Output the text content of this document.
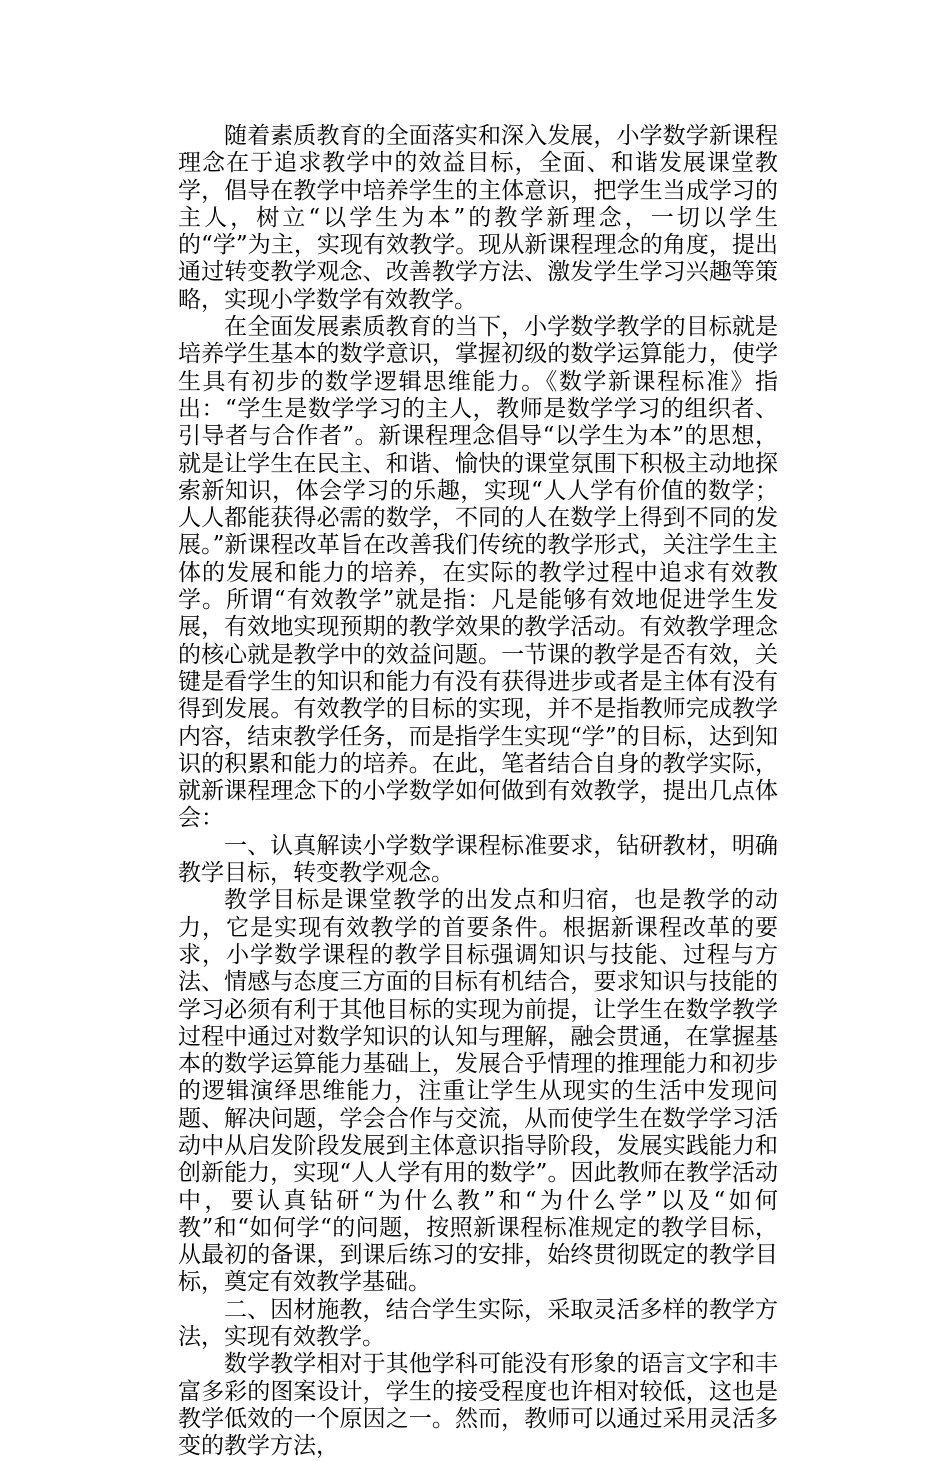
随着素质教育的全面落实和深入发展，小学数学新课程理念在于追求教学中的效益目标，全面、和谐发展课堂教学，倡导在教学中培养学生的主体意识，把学生当成学习的主人，树立“以学生为本”的教学新理念，一切以学生的“学”为主，实现有效教学。现从新课程理念的角度，提出通过转变教学观念、改善教学方法、激发学生学习兴趣等策略，实现小学数学有效教学。

在全面发展素质教育的当下，小学数学教学的目标就是培养学生基本的数学意识，掌握初级的数学运算能力，使学生具有初步的数学逻辑思维能力。《数学新课程标准》指出：“学生是数学学习的主人，教师是数学学习的组织者、引导者与合作者”。新课程理念倡导“以学生为本”的思想，就是让学生在民主、和谐、愉快的课堂氛围下积极主动地探索新知识，体会学习的乐趣，实现“人人学有价值的数学；人人都能获得必需的数学，不同的人在数学上得到不同的发展。”新课程改革旨在改善我们传统的教学形式，关注学生主体的发展和能力的培养，在实际的教学过程中追求有效教学。所谓“有效教学”就是指：凡是能够有效地促进学生发展，有效地实现预期的教学效果的教学活动。有效教学理念的核心就是教学中的效益问题。一节课的教学是否有效，关键是看学生的知识和能力有没有获得进步或者是主体有没有得到发展。有效教学的目标的实现，并不是指教师完成教学内容，结束教学任务，而是指学生实现“学”的目标，达到知识的积累和能力的培养。在此，笔者结合自身的教学实际，就新课程理念下的小学数学如何做到有效教学，提出几点体会：

一、认真解读小学数学课程标准要求，钻研教材，明确教学目标，转变教学观念。

教学目标是课堂教学的出发点和归宿，也是教学的动力，它是实现有效教学的首要条件。根据新课程改革的要求，小学数学课程的教学目标强调知识与技能、过程与方法、情感与态度三方面的目标有机结合，要求知识与技能的学习必须有利于其他目标的实现为前提，让学生在数学教学过程中通过对数学知识的认知与理解，融会贯通，在掌握基本的数学运算能力基础上，发展合乎情理的推理能力和初步的逻辑演绎思维能力，注重让学生从现实的生活中发现问题、解决问题，学会合作与交流，从而使学生在数学学习活动中从启发阶段发展到主体意识指导阶段，发展实践能力和创新能力，实现“人人学有用的数学”。因此教师在教学活动中，要认真钻研“为什么教”和“为什么学”以及“如何教”和“如何学“的问题，按照新课程标准规定的教学目标，从最初的备课，到课后练习的安排，始终贯彻既定的教学目标，奠定有效教学基础。

二、因材施教，结合学生实际，采取灵活多样的教学方法，实现有效教学。

数学教学相对于其他学科可能没有形象的语言文字和丰富多彩的图案设计，学生的接受程度也许相对较低，这也是教学低效的一个原因之一。然而，教师可以通过采用灵活多变的教学方法，
